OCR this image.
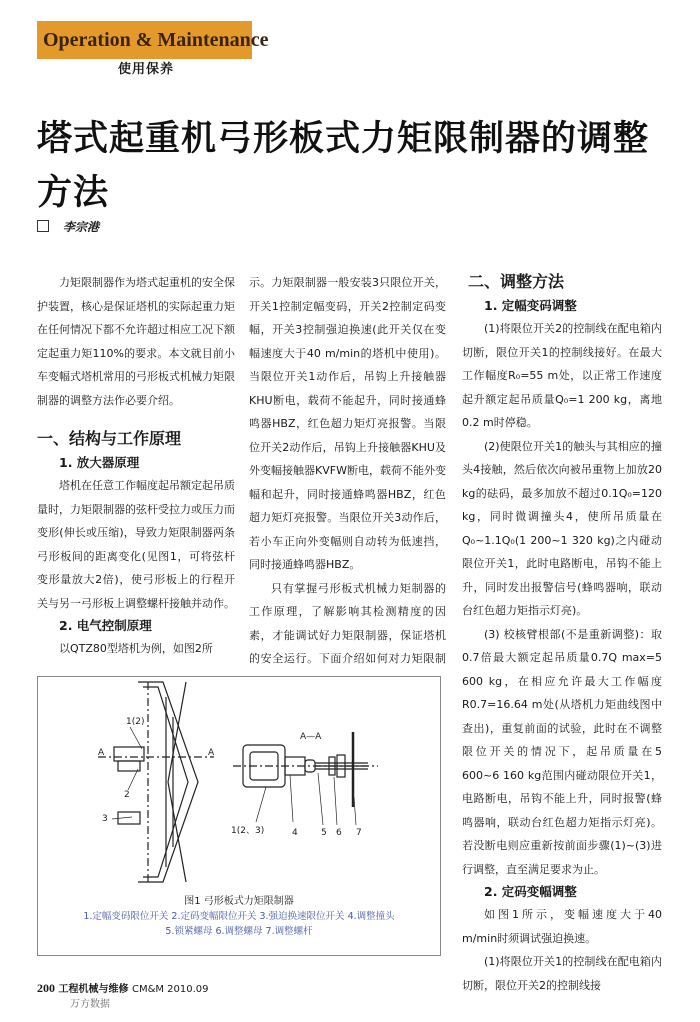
Operation & Maintenance
使用保养
塔式起重机弓形板式力矩限制器的调整方法
李宗港

力矩限制器作为塔式起重机的安全保护装置，核心是保证塔机的实际起重力矩在任何情况下都不允许超过相应工况下额定起重力矩110%的要求。本文就目前小车变幅式塔机常用的弓形板式机械力矩限制器的调整方法作必要介绍。

一、结构与工作原理
1. 放大器原理

塔机在任意工作幅度起吊额定起吊质量时，力矩限制器的弦杆受拉力或压力而变形(伸长或压缩)，导致力矩限制器两条弓形板间的距离变化(见图1，可将弦杆变形量放大2倍)，使弓形板上的行程开关与另一弓形板上调整螺杆接触并动作。

2. 电气控制原理

以QTZ80型塔机为例，如图2所

示。力矩限制器一般安装3只限位开关，开关1控制定幅变码，开关2控制定码变幅，开关3控制强迫换速(此开关仅在变幅速度大于40 m/min的塔机中使用)。当限位开关1动作后，吊钩上升接触器KHU断电，载荷不能起升，同时接通蜂鸣器HBZ，红色超力矩灯亮报警。当限位开关2动作后，吊钩上升接触器KHU及外变幅接触器KVFW断电，载荷不能外变幅和起升，同时接通蜂鸣器HBZ，红色超力矩灯亮报警。当限位开关3动作后，若小车正向外变幅则自动转为低速挡，同时接通蜂鸣器HBZ。

只有掌握弓形板式机械力矩制器的工作原理，了解影响其检测精度的因素，才能调试好力矩限制器，保证塔机的安全运行。下面介绍如何对力矩限制

二、调整方法
1. 定幅变码调整

(1)将限位开关2的控制线在配电箱内切断，限位开关1的控制线接好。在最大工作幅度R₀=55 m处，以正常工作速度起升额定起吊质量Q₀=1 200 kg，离地0.2 m时停稳。

(2)使限位开关1的触头与其相应的撞头4接触，然后依次向被吊重物上加放20 kg的砝码，最多加放不超过0.1Q₀=120 kg，同时微调撞头4，使所吊质量在Q₀~1.1Q₀(1 200~1 320 kg)之内碰动限位开关1，此时电路断电，吊钩不能上升，同时发出报警信号(蜂鸣器响，联动台红色超力矩指示灯亮)。

(3) 校核臂根部(不是重新调整)：取0.7倍最大额定起吊质量0.7Q max=5 600 kg，在相应允许最大工作幅度R0.7=16.64 m处(从塔机力矩曲线图中查出)，重复前面的试验，此时在不调整限位开关的情况下，起吊质量在5 600~6 160 kg范围内碰动限位开关1，电路断电，吊钩不能上升，同时报警(蜂鸣器响，联动台红色超力矩指示灯亮)。若没断电则应重新按前面步骤(1)~(3)进行调整，直至满足要求为止。

2. 定码变幅调整

如图1所示，变幅速度大于40 m/min时须调试强迫换速。

(1)将限位开关1的控制线在配电箱内切断，限位开关2的控制线接

1(2)
A	A
2
3
A—A
1(2、3)	4	5 6 7
图1 弓形板式力矩限制器
1.定幅变码限位开关 2.定码变幅限位开关 3.强迫换速限位开关 4.调整撞头
5.锁紧螺母 6.调整螺母 7.调整螺杆
200 工程机械与维修 CM&M 2010.09
万方数据
